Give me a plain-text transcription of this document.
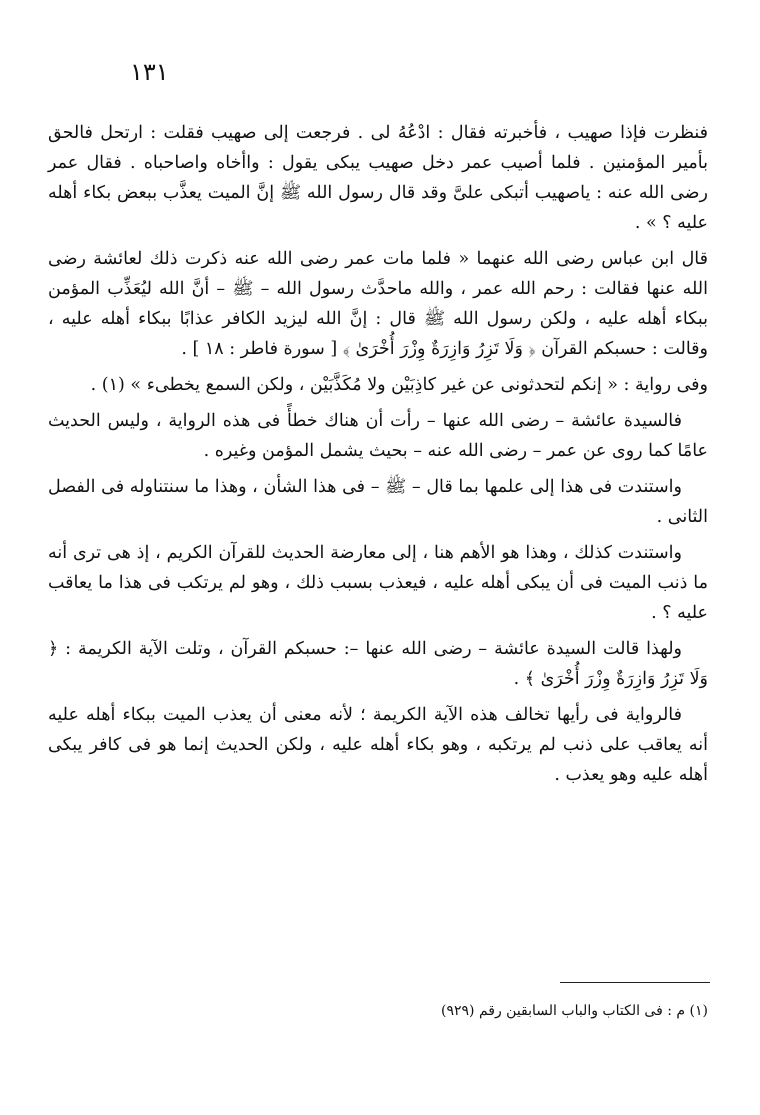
١٣١

فنظرت فإذا صهيب ، فأخبرته فقال : ادْعُهُ لى . فرجعت إلى صهيب فقلت : ارتحل فالحق بأمير المؤمنين . فلما أصيب عمر دخل صهيب يبكى يقول : واأخاه واصاحباه . فقال عمر رضى الله عنه : ياصهيب أتبكى علىَّ وقد قال رسول الله ﷺ إنَّ الميت يعذَّب ببعض بكاء أهله عليه ؟ » .

قال ابن عباس رضى الله عنهما « فلما مات عمر رضى الله عنه ذكرت ذلك لعائشة رضى الله عنها فقالت : رحم الله عمر ، والله ماحدَّث رسول الله – ﷺ – أنَّ الله ليُعَذِّب المؤمن ببكاء أهله عليه ، ولكن رسول الله ﷺ قال : إنَّ الله ليزيد الكافر عذابًا ببكاء أهله عليه ، وقالت : حسبكم القرآن ﴿ وَلَا تَزِرُ وَازِرَةٌ وِزْرَ أُخْرَىٰ ﴾ [ سورة فاطر : ١٨ ] .

وفى رواية : « إنكم لتحدثونى عن غير كاذِبَيْن ولا مُكَذَّبَيْن ، ولكن السمع يخطىء » (١) .

فالسيدة عائشة – رضى الله عنها – رأت أن هناك خطأً فى هذه الرواية ، وليس الحديث عامًا كما روى عن عمر – رضى الله عنه – بحيث يشمل المؤمن وغيره .

واستندت فى هذا إلى علمها بما قال – ﷺ – فى هذا الشأن ، وهذا ما سنتناوله فى الفصل الثانى .

واستندت كذلك ، وهذا هو الأهم هنا ، إلى معارضة الحديث للقرآن الكريم ، إذ هى ترى أنه ما ذنب الميت فى أن يبكى أهله عليه ، فيعذب بسبب ذلك ، وهو لم يرتكب فى هذا ما يعاقب عليه ؟ .

ولهذا قالت السيدة عائشة – رضى الله عنها –: حسبكم القرآن ، وتلت الآية الكريمة : ﴿ وَلَا تَزِرُ وَازِرَةٌ وِزْرَ أُخْرَىٰ ﴾ .

فالرواية فى رأيها تخالف هذه الآية الكريمة ؛ لأنه معنى أن يعذب الميت ببكاء أهله عليه أنه يعاقب على ذنب لم يرتكبه ، وهو بكاء أهله عليه ، ولكن الحديث إنما هو فى كافر يبكى أهله عليه وهو يعذب .

(١) م : فى الكتاب والباب السابقين رقم (٩٢٩)
